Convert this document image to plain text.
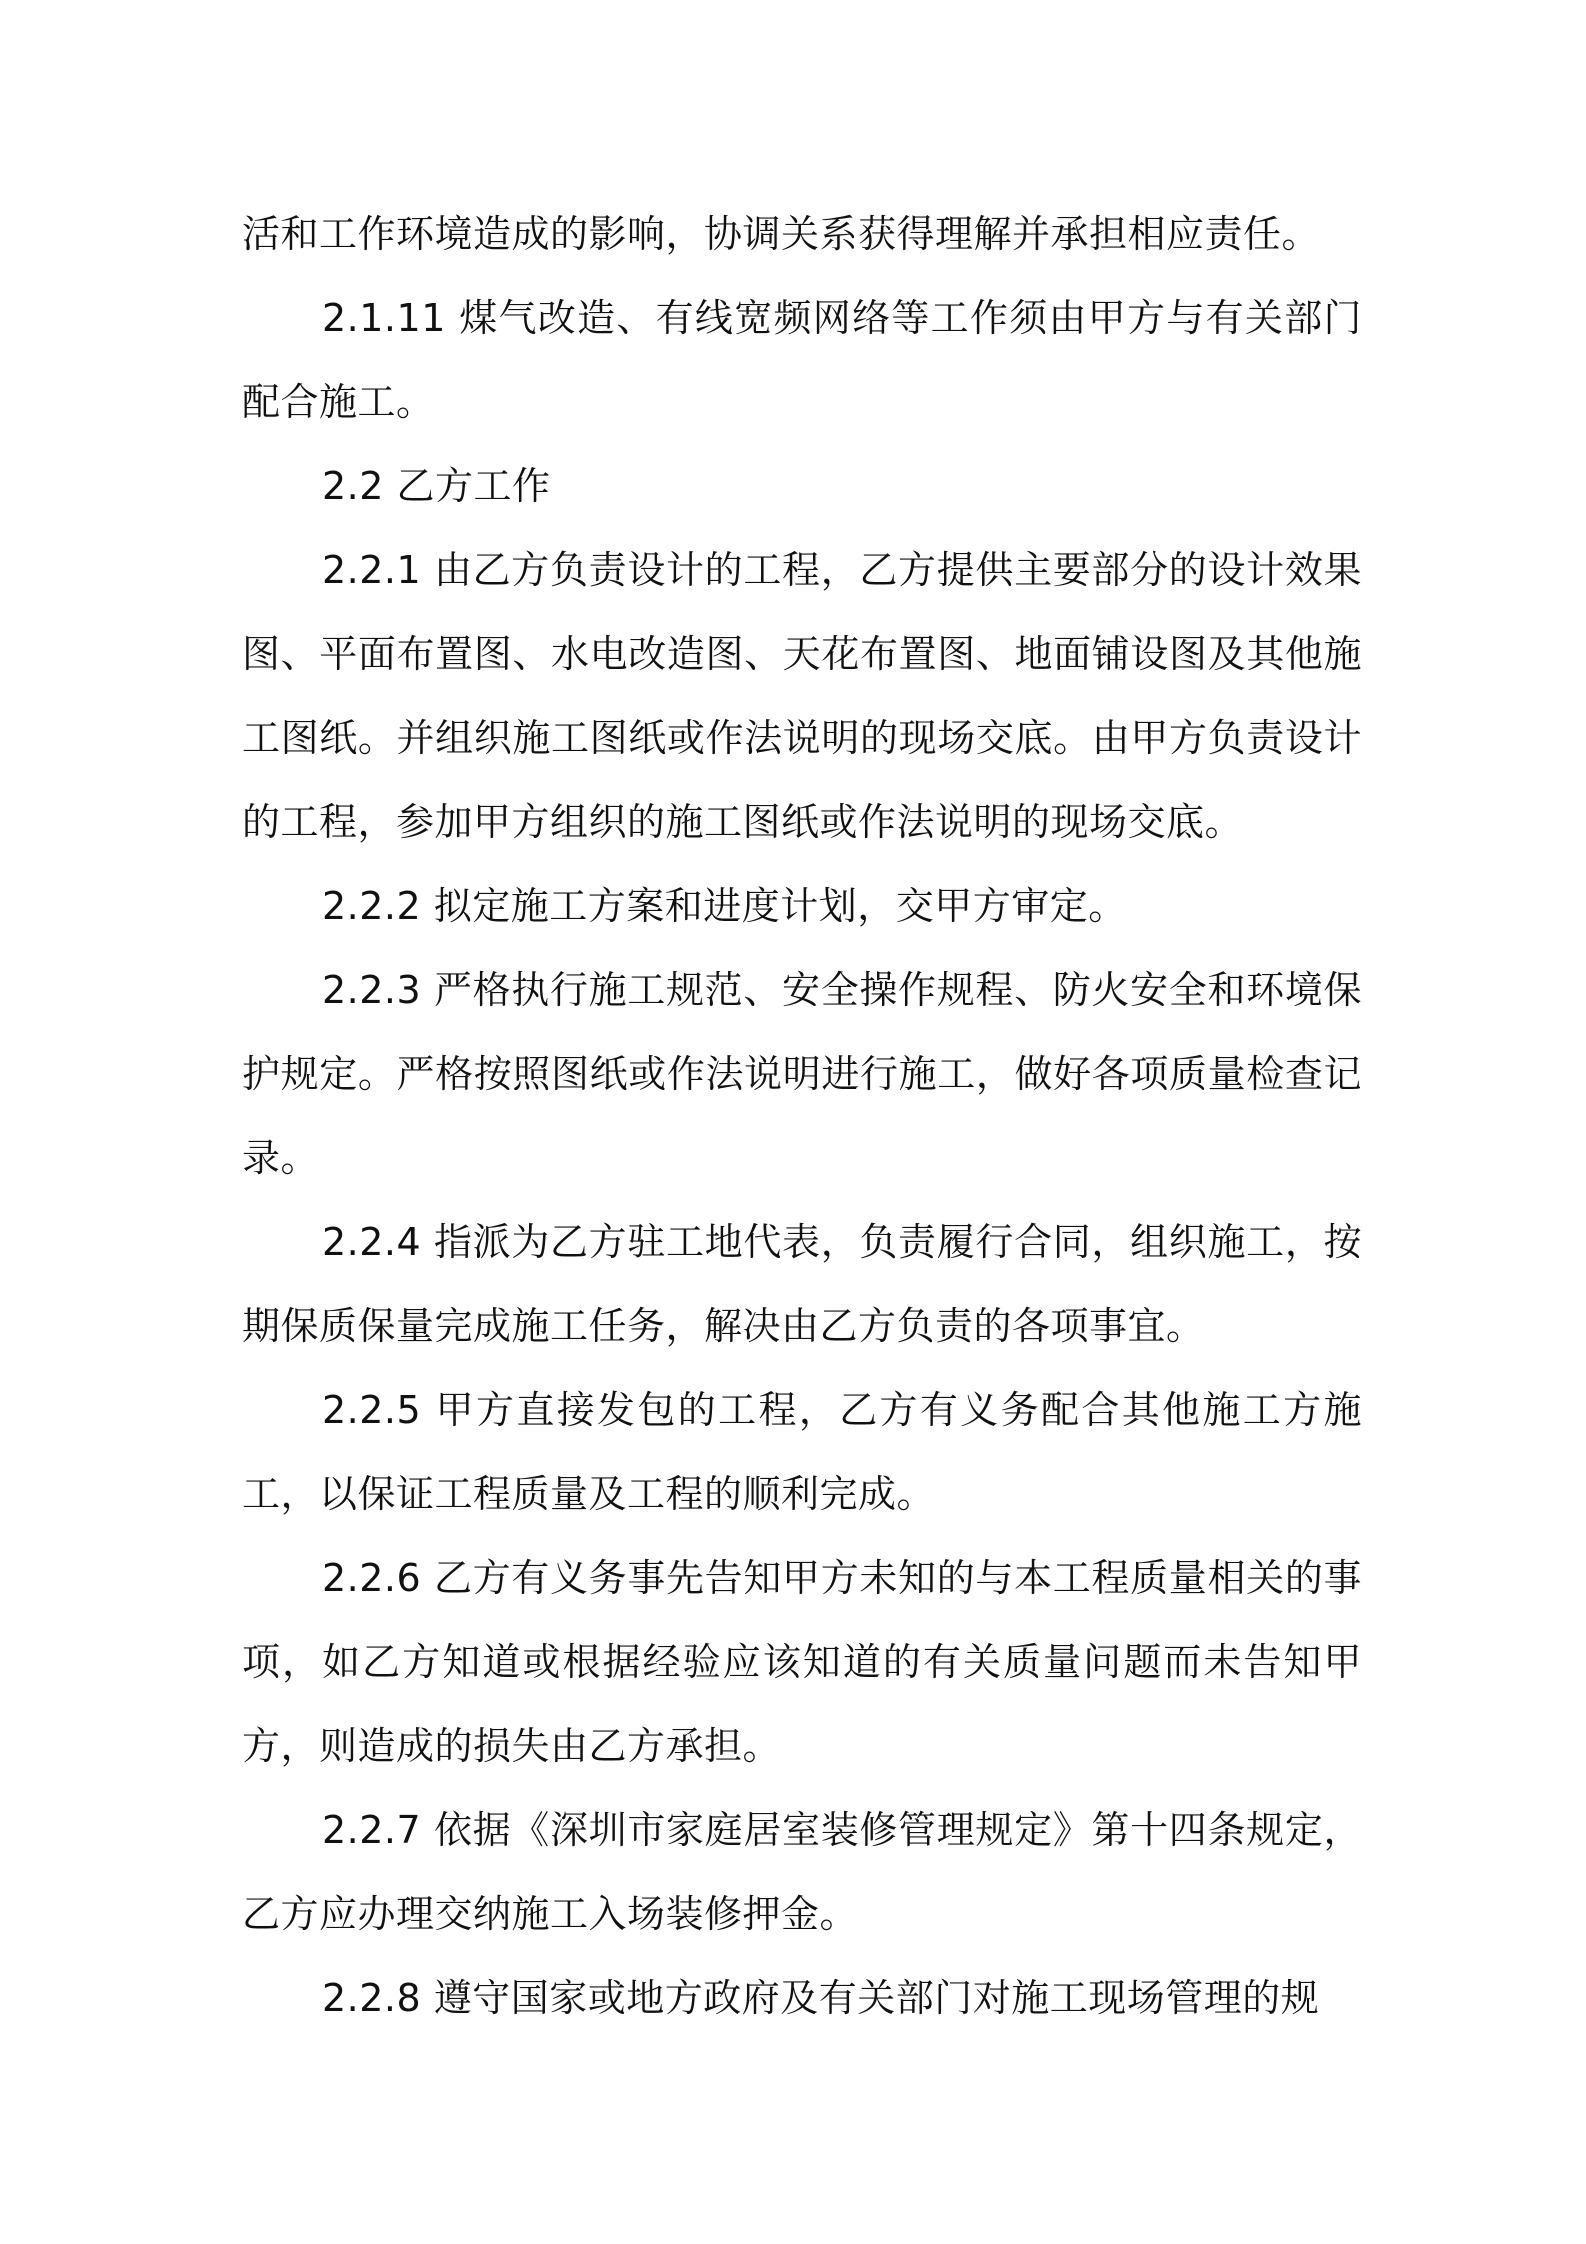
活和工作环境造成的影响，协调关系获得理解并承担相应责任。

2.1.11 煤气改造、有线宽频网络等工作须由甲方与有关部门配合施工。

2.2 乙方工作

2.2.1 由乙方负责设计的工程，乙方提供主要部分的设计效果图、平面布置图、水电改造图、天花布置图、地面铺设图及其他施工图纸。并组织施工图纸或作法说明的现场交底。由甲方负责设计的工程，参加甲方组织的施工图纸或作法说明的现场交底。

2.2.2 拟定施工方案和进度计划，交甲方审定。

2.2.3 严格执行施工规范、安全操作规程、防火安全和环境保护规定。严格按照图纸或作法说明进行施工，做好各项质量检查记录。

2.2.4 指派为乙方驻工地代表，负责履行合同，组织施工，按期保质保量完成施工任务，解决由乙方负责的各项事宜。

2.2.5 甲方直接发包的工程，乙方有义务配合其他施工方施工，以保证工程质量及工程的顺利完成。

2.2.6 乙方有义务事先告知甲方未知的与本工程质量相关的事项，如乙方知道或根据经验应该知道的有关质量问题而未告知甲方，则造成的损失由乙方承担。

2.2.7 依据《深圳市家庭居室装修管理规定》第十四条规定，乙方应办理交纳施工入场装修押金。

2.2.8 遵守国家或地方政府及有关部门对施工现场管理的规
